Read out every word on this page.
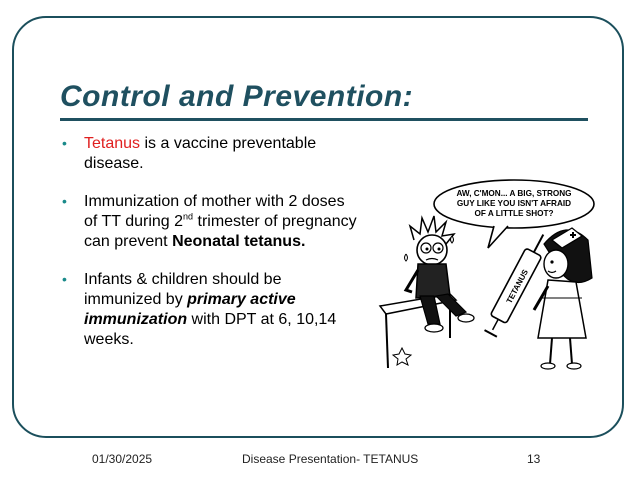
Control and Prevention:
• Tetanus is a vaccine preventable disease.
• Immunization of mother with 2 doses of TT during 2nd trimester of pregnancy can prevent Neonatal tetanus.
• Infants & children should be immunized by primary active immunization with DPT at 6, 10,14 weeks.
AW, C'MON... A BIG, STRONG
GUY LIKE YOU ISN'T AFRAID
OF A LITTLE SHOT?
TETANUS
01/30/2025	Disease Presentation- TETANUS	13
